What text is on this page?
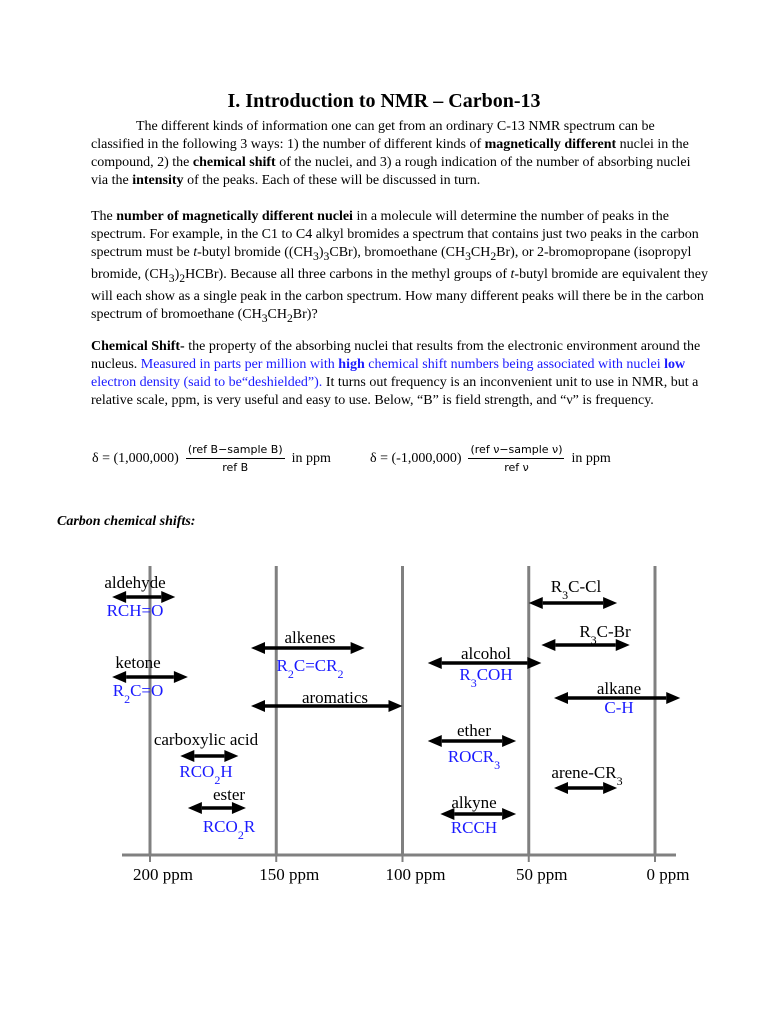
I. Introduction to NMR – Carbon-13

The different kinds of information one can get from an ordinary C-13 NMR spectrum can be classified in the following 3 ways: 1) the number of different kinds of magnetically different nuclei in the compound, 2) the chemical shift of the nuclei, and 3) a rough indication of the number of absorbing nuclei via the intensity of the peaks. Each of these will be discussed in turn.

The number of magnetically different nuclei in a molecule will determine the number of peaks in the spectrum. For example, in the C1 to C4 alkyl bromides a spectrum that contains just two peaks in the carbon spectrum must be t-butyl bromide $((CH_3)_3CBr)$, bromoethane $(CH_3CH_2Br)$, or 2-bromopropane (isopropyl bromide, $(CH_3)_2HCBr$). Because all three carbons in the methyl groups of t-butyl bromide are equivalent they will each show as a single peak in the carbon spectrum. How many different peaks will there be in the carbon spectrum of bromoethane $(CH_3CH_2Br)$?

Chemical Shift- the property of the absorbing nuclei that results from the electronic environment around the nucleus. Measured in parts per million with high chemical shift numbers being associated with nuclei low electron density (said to be“deshielded”). It turns out frequency is an inconvenient unit to use in NMR, but a relative scale, ppm, is very useful and easy to use. Below, “B” is field strength, and “ν” is frequency.

$\delta = (1,000,000) \frac{\text{(ref B−sample B)}}{\text{ref B}}$ in ppm	$\delta = (-1,000,000) \frac{\text{(ref ν−sample ν)}}{\text{ref ν}}$ in ppm
Carbon chemical shifts:
200 ppm	150 ppm	100 ppm	50 ppm	0 ppm
aldehyde
RCH=O
ketone
$R_2C=O$
carboxylic acid
$RCO_2H$
ester
$RCO_2R$
alkenes
$R_2C=CR_2$
aromatics
alcohol
$R_3COH$
ether
$ROCR_3$
alkyne
RCCH
$R_3C-Cl$
$R_3C-Br$
alkane
C-H
arene-$CR_3$
